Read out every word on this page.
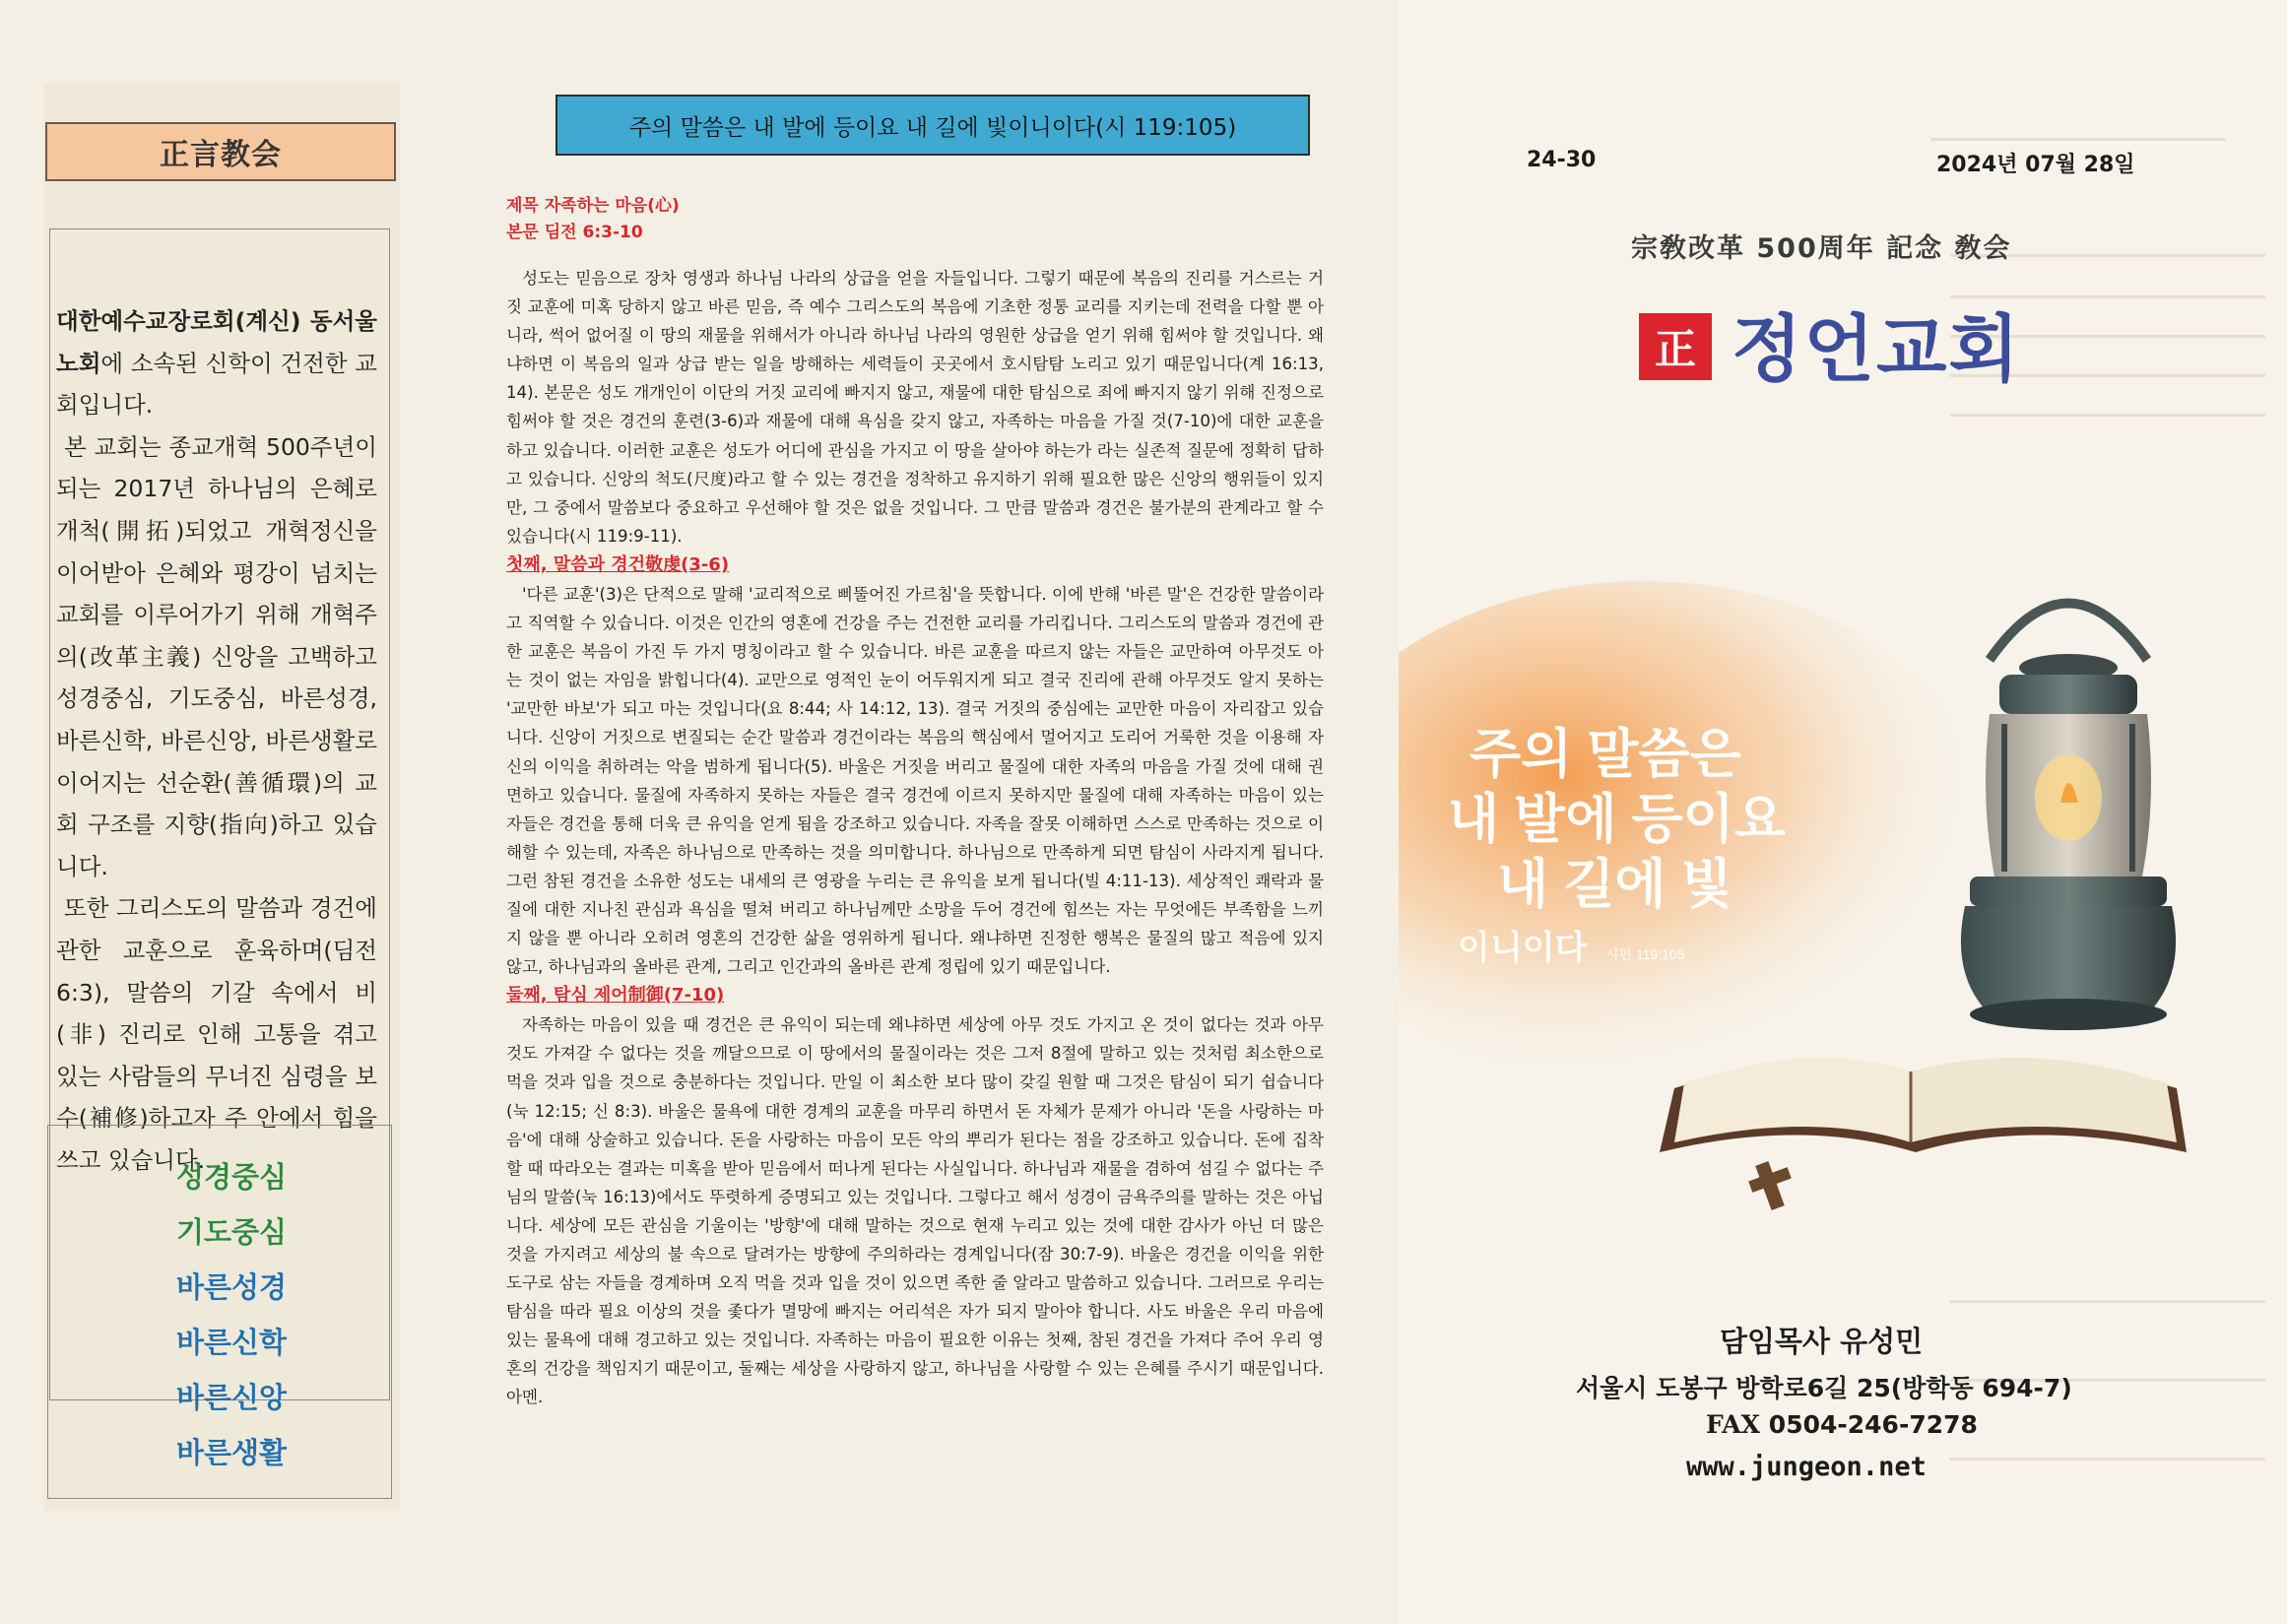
正言教会

대한예수교장로회(계신) 동서울 노회에 소속된 신학이 건전한 교회입니다.

본 교회는 종교개혁 500주년이 되는 2017년 하나님의 은혜로 개척(開拓)되었고 개혁정신을 이어받아 은혜와 평강이 넘치는 교회를 이루어가기 위해 개혁주의(改革主義) 신앙을 고백하고 성경중심, 기도중심, 바른성경, 바른신학, 바른신앙, 바른생활로 이어지는 선순환(善循環)의 교회 구조를 지향(指向)하고 있습니다.

또한 그리스도의 말씀과 경건에 관한 교훈으로 훈육하며(딤전 6:3), 말씀의 기갈 속에서 비(非) 진리로 인해 고통을 겪고 있는 사람들의 무너진 심령을 보수(補修)하고자 주 안에서 힘을 쓰고 있습니다.

성경중심
기도중심
바른성경
바른신학
바른신앙
바른생활
주의 말씀은 내 발에 등이요 내 길에 빛이니이다(시 119:105)
제목 자족하는 마음(心)
본문 딤전 6:3-10

성도는 믿음으로 장차 영생과 하나님 나라의 상급을 얻을 자들입니다. 그렇기 때문에 복음의 진리를 거스르는 거짓 교훈에 미혹 당하지 않고 바른 믿음, 즉 예수 그리스도의 복음에 기초한 정통 교리를 지키는데 전력을 다할 뿐 아니라, 썩어 없어질 이 땅의 재물을 위해서가 아니라 하나님 나라의 영원한 상급을 얻기 위해 힘써야 할 것입니다. 왜냐하면 이 복음의 일과 상급 받는 일을 방해하는 세력들이 곳곳에서 호시탐탐 노리고 있기 때문입니다(계 16:13, 14). 본문은 성도 개개인이 이단의 거짓 교리에 빠지지 않고, 재물에 대한 탐심으로 죄에 빠지지 않기 위해 진정으로 힘써야 할 것은 경건의 훈련(3-6)과 재물에 대해 욕심을 갖지 않고, 자족하는 마음을 가질 것(7-10)에 대한 교훈을 하고 있습니다. 이러한 교훈은 성도가 어디에 관심을 가지고 이 땅을 살아야 하는가 라는 실존적 질문에 정확히 답하고 있습니다. 신앙의 척도(尺度)라고 할 수 있는 경건을 정착하고 유지하기 위해 필요한 많은 신앙의 행위들이 있지만, 그 중에서 말씀보다 중요하고 우선해야 할 것은 없을 것입니다. 그 만큼 말씀과 경건은 불가분의 관계라고 할 수 있습니다(시 119:9-11).

첫째, 말씀과 경건敬虔(3-6)

'다른 교훈'(3)은 단적으로 말해 '교리적으로 삐뚤어진 가르침'을 뜻합니다. 이에 반해 '바른 말'은 건강한 말씀이라고 직역할 수 있습니다. 이것은 인간의 영혼에 건강을 주는 건전한 교리를 가리킵니다. 그리스도의 말씀과 경건에 관한 교훈은 복음이 가진 두 가지 명칭이라고 할 수 있습니다. 바른 교훈을 따르지 않는 자들은 교만하여 아무것도 아는 것이 없는 자임을 밝힙니다(4). 교만으로 영적인 눈이 어두워지게 되고 결국 진리에 관해 아무것도 알지 못하는 '교만한 바보'가 되고 마는 것입니다(요 8:44; 사 14:12, 13). 결국 거짓의 중심에는 교만한 마음이 자리잡고 있습니다. 신앙이 거짓으로 변질되는 순간 말씀과 경건이라는 복음의 핵심에서 멀어지고 도리어 거룩한 것을 이용해 자신의 이익을 취하려는 악을 범하게 됩니다(5). 바울은 거짓을 버리고 물질에 대한 자족의 마음을 가질 것에 대해 권면하고 있습니다. 물질에 자족하지 못하는 자들은 결국 경건에 이르지 못하지만 물질에 대해 자족하는 마음이 있는 자들은 경건을 통해 더욱 큰 유익을 얻게 됨을 강조하고 있습니다. 자족을 잘못 이해하면 스스로 만족하는 것으로 이해할 수 있는데, 자족은 하나님으로 만족하는 것을 의미합니다. 하나님으로 만족하게 되면 탐심이 사라지게 됩니다. 그런 참된 경건을 소유한 성도는 내세의 큰 영광을 누리는 큰 유익을 보게 됩니다(빌 4:11-13). 세상적인 쾌락과 물질에 대한 지나친 관심과 욕심을 떨쳐 버리고 하나님께만 소망을 두어 경건에 힘쓰는 자는 무엇에든 부족함을 느끼지 않을 뿐 아니라 오히려 영혼의 건강한 삶을 영위하게 됩니다. 왜냐하면 진정한 행복은 물질의 많고 적음에 있지 않고, 하나님과의 올바른 관계, 그리고 인간과의 올바른 관계 정립에 있기 때문입니다.

둘째, 탐심 제어制御(7-10)

자족하는 마음이 있을 때 경건은 큰 유익이 되는데 왜냐하면 세상에 아무 것도 가지고 온 것이 없다는 것과 아무 것도 가져갈 수 없다는 것을 깨달으므로 이 땅에서의 물질이라는 것은 그저 8절에 말하고 있는 것처럼 최소한으로 먹을 것과 입을 것으로 충분하다는 것입니다. 만일 이 최소한 보다 많이 갖길 원할 때 그것은 탐심이 되기 쉽습니다(눅 12:15; 신 8:3). 바울은 물욕에 대한 경계의 교훈을 마무리 하면서 돈 자체가 문제가 아니라 '돈을 사랑하는 마음'에 대해 상술하고 있습니다. 돈을 사랑하는 마음이 모든 악의 뿌리가 된다는 점을 강조하고 있습니다. 돈에 집착할 때 따라오는 결과는 미혹을 받아 믿음에서 떠나게 된다는 사실입니다. 하나님과 재물을 겸하여 섬길 수 없다는 주님의 말씀(눅 16:13)에서도 뚜렷하게 증명되고 있는 것입니다. 그렇다고 해서 성경이 금욕주의를 말하는 것은 아닙니다. 세상에 모든 관심을 기울이는 '방향'에 대해 말하는 것으로 현재 누리고 있는 것에 대한 감사가 아닌 더 많은 것을 가지려고 세상의 불 속으로 달려가는 방향에 주의하라는 경계입니다(잠 30:7-9). 바울은 경건을 이익을 위한 도구로 삼는 자들을 경계하며 오직 먹을 것과 입을 것이 있으면 족한 줄 알라고 말씀하고 있습니다. 그러므로 우리는 탐심을 따라 필요 이상의 것을 좇다가 멸망에 빠지는 어리석은 자가 되지 말아야 합니다. 사도 바울은 우리 마음에 있는 물욕에 대해 경고하고 있는 것입니다. 자족하는 마음이 필요한 이유는 첫째, 참된 경건을 가져다 주어 우리 영혼의 건강을 책임지기 때문이고, 둘째는 세상을 사랑하지 않고, 하나님을 사랑할 수 있는 은혜를 주시기 때문입니다. 아멘.

24-30	2024년 07월 28일
宗敎改革 500周年 記念 敎会
正 정언교회
주의 말씀은
내 발에 등이요
내 길에 빛
이니이다 시편 119:105
담임목사 유성민
서울시 도봉구 방학로6길 25(방학동 694-7)
FAX 0504-246-7278
www.jungeon.net
